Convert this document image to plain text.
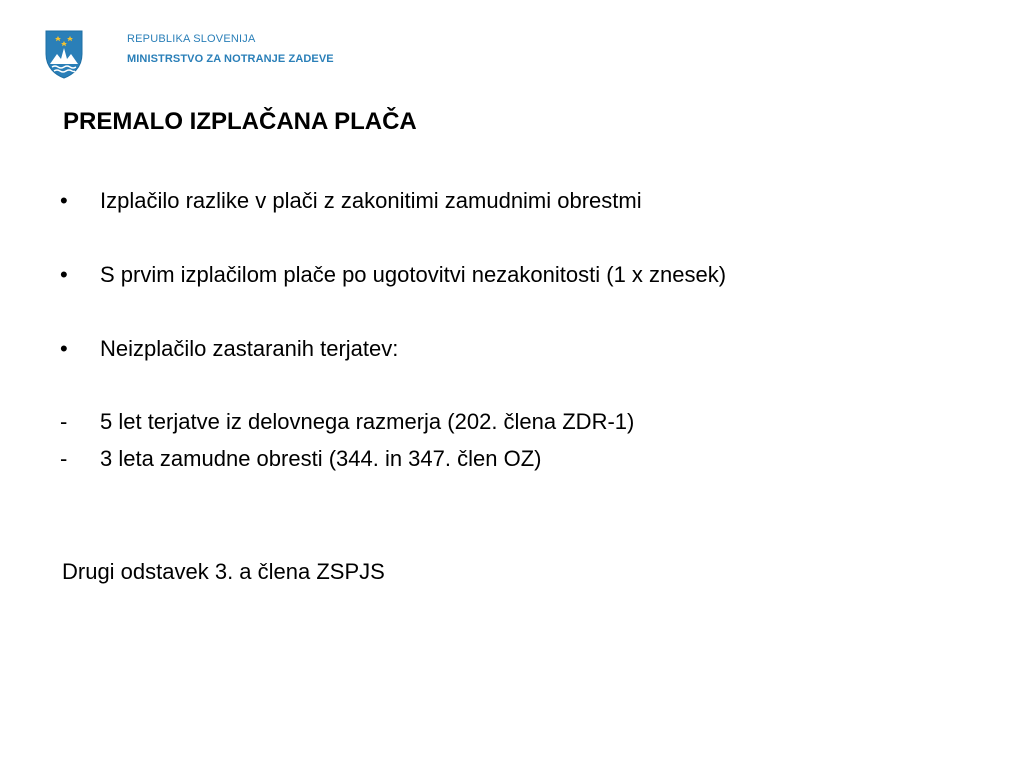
REPUBLIKA SLOVENIJA
MINISTRSTVO ZA NOTRANJE ZADEVE
PREMALO IZPLAČANA PLAČA
•	Izplačilo razlike v plači z zakonitimi zamudnimi obrestmi
•	S prvim izplačilom plače po ugotovitvi nezakonitosti (1 x znesek)
•	Neizplačilo zastaranih terjatev:
-	5 let terjatve iz delovnega razmerja (202. člena ZDR-1)
-	3 leta zamudne obresti (344. in 347. člen OZ)
Drugi odstavek 3. a člena ZSPJS
